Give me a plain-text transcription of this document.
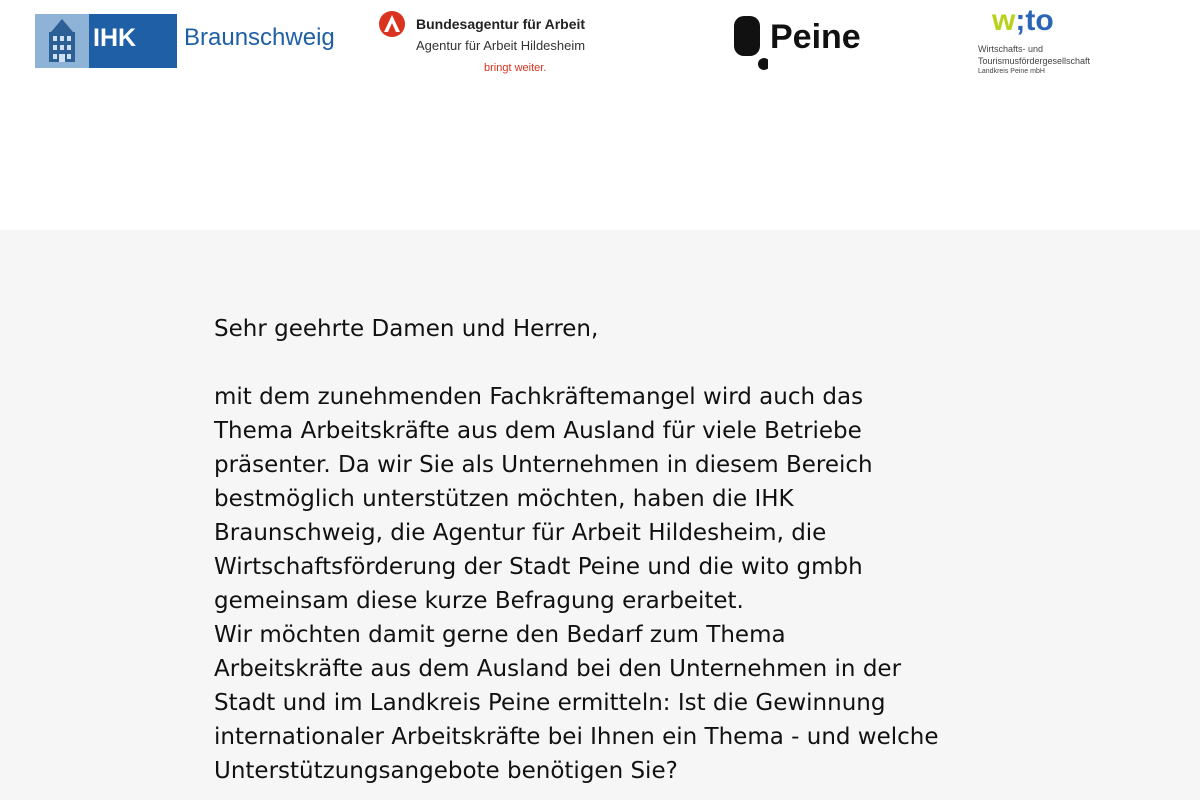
IHK Braunschweig	Bundesagentur für Arbeit
Agentur für Arbeit Hildesheim
bringt weiter.
Peine	w;to
Wirtschafts- und
Tourismusfördergesellschaft
Landkreis Peine mbH

Sehr geehrte Damen und Herren,

mit dem zunehmenden Fachkräftemangel wird auch das
Thema Arbeitskräfte aus dem Ausland für viele Betriebe
präsenter. Da wir Sie als Unternehmen in diesem Bereich
bestmöglich unterstützen möchten, haben die IHK
Braunschweig, die Agentur für Arbeit Hildesheim, die
Wirtschaftsförderung der Stadt Peine und die wito gmbh
gemeinsam diese kurze Befragung erarbeitet.
Wir möchten damit gerne den Bedarf zum Thema
Arbeitskräfte aus dem Ausland bei den Unternehmen in der
Stadt und im Landkreis Peine ermitteln: Ist die Gewinnung
internationaler Arbeitskräfte bei Ihnen ein Thema - und welche
Unterstützungsangebote benötigen Sie?
